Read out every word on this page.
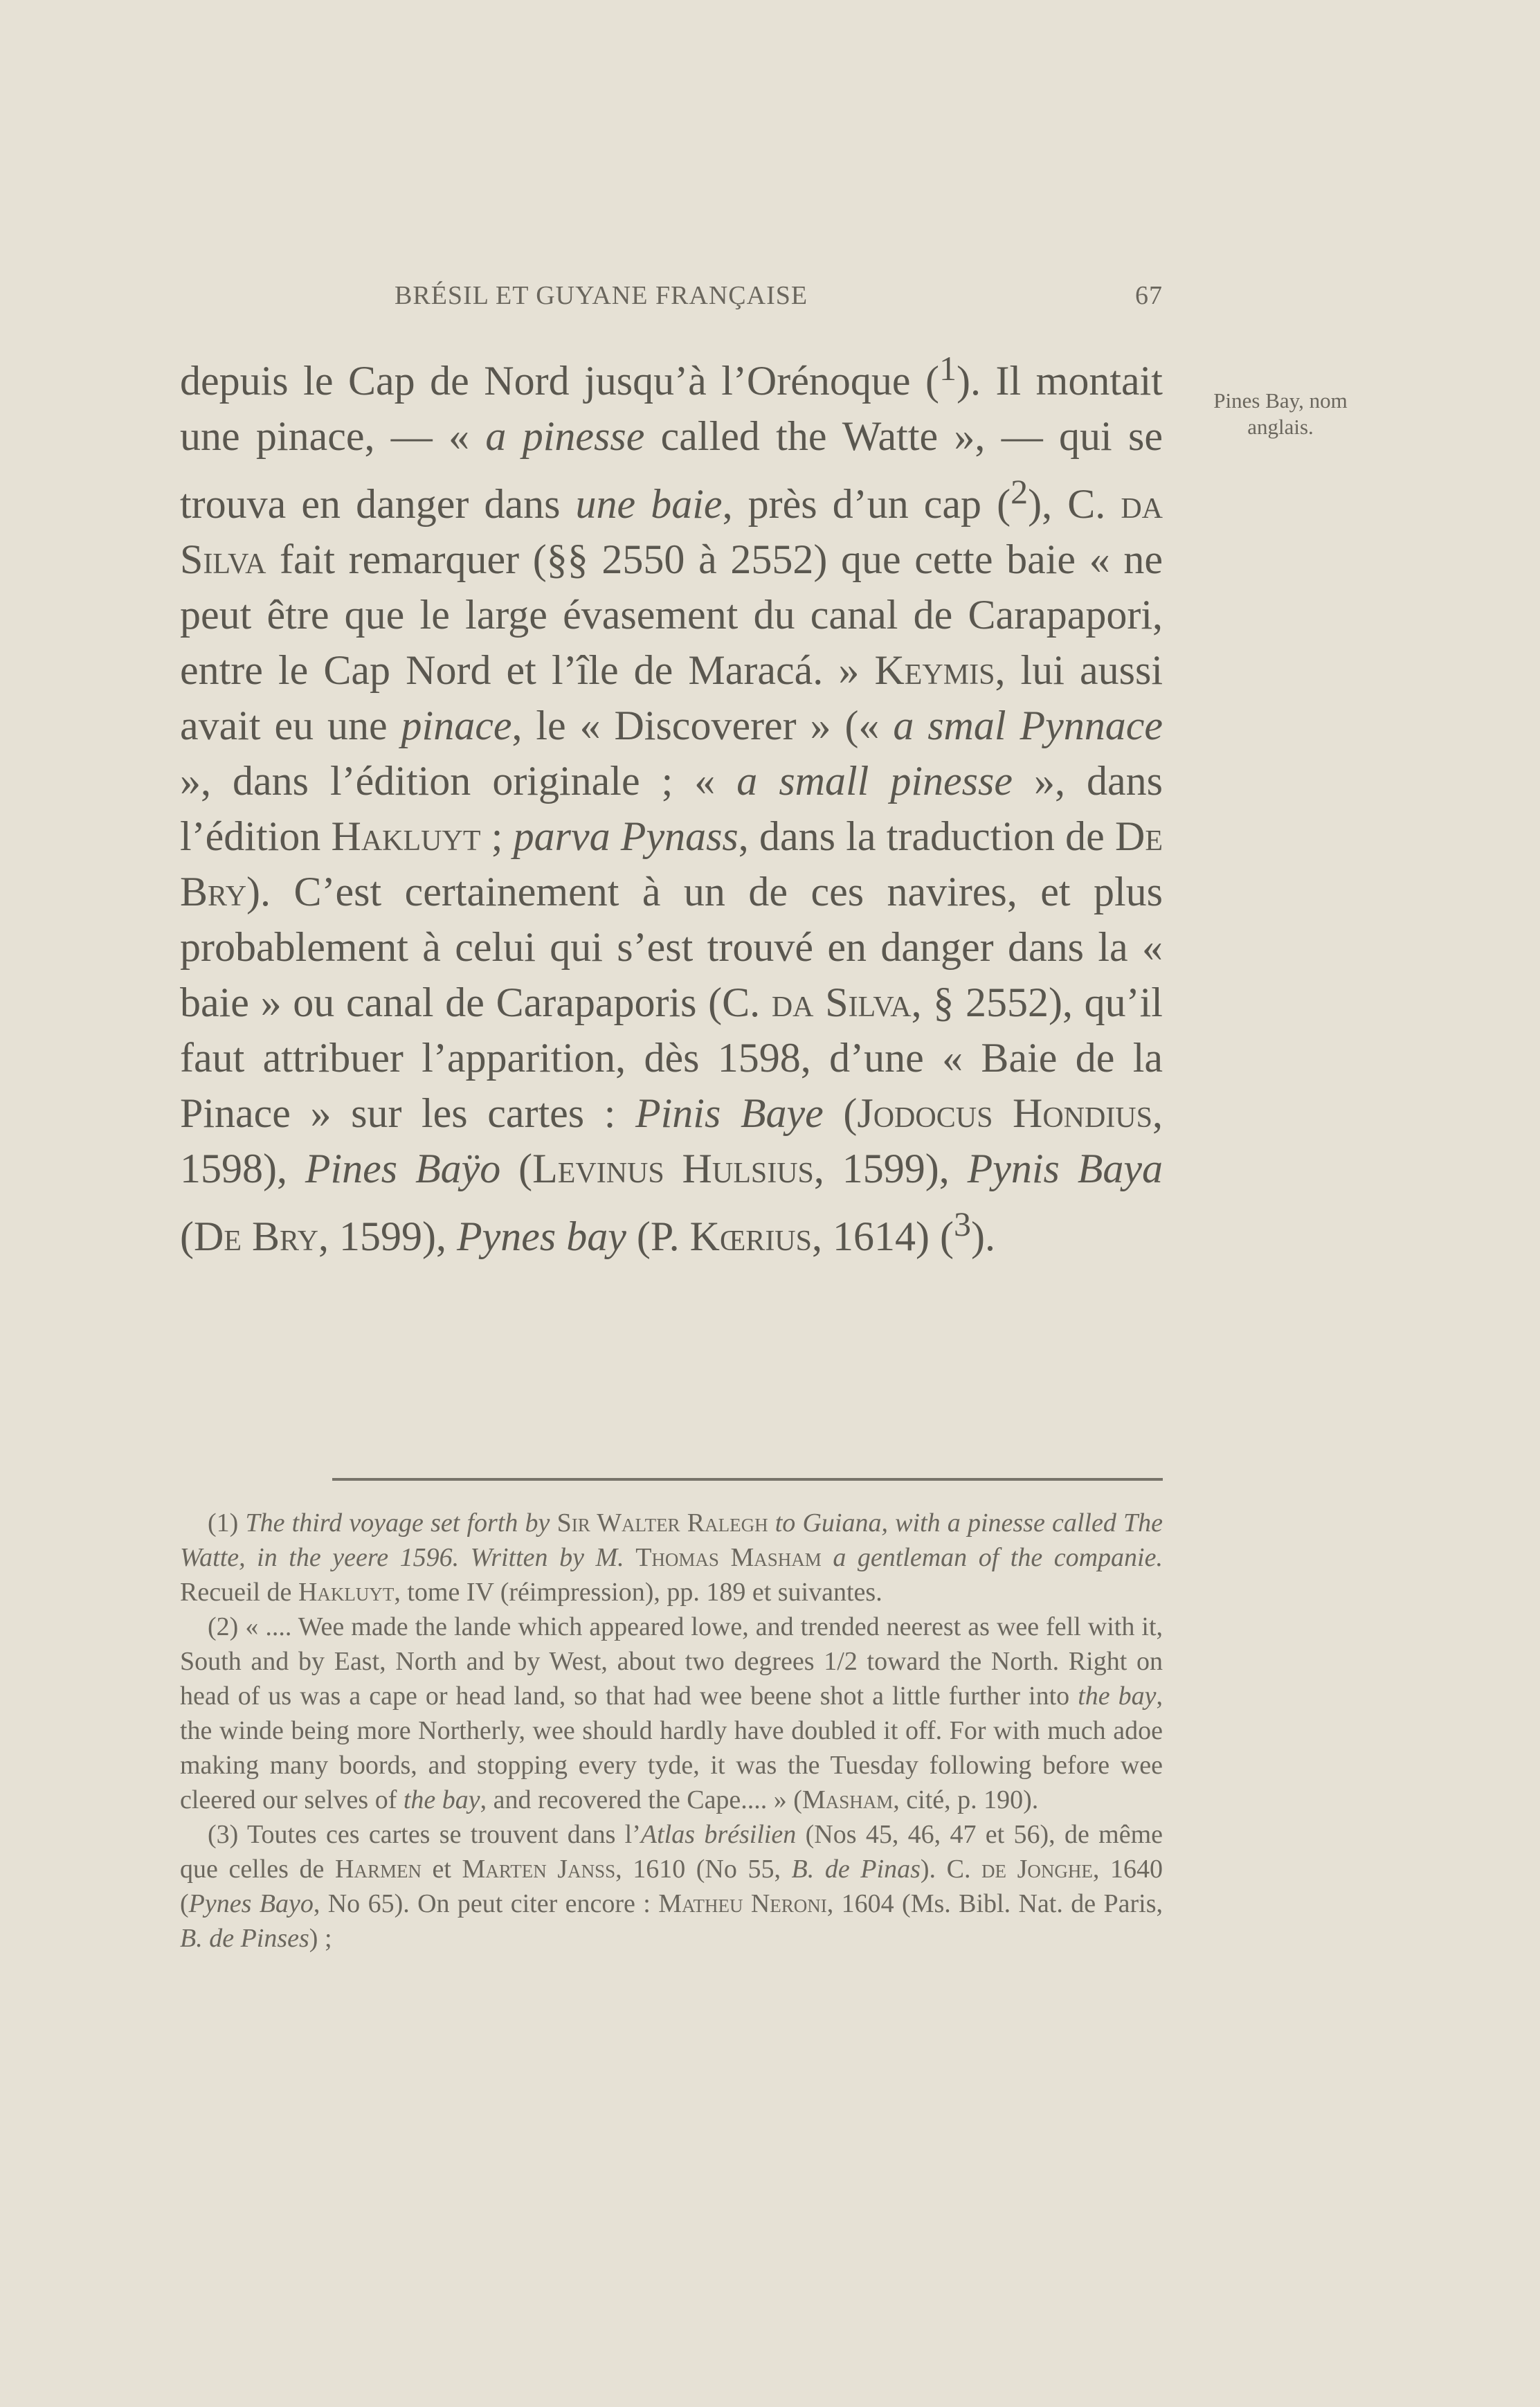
BRÉSIL ET GUYANE FRANÇAISE	67
Pines Bay, nom anglais.

depuis le Cap de Nord jusqu’à l’Orénoque ($^1$). Il montait une pinace, — « a pinesse called the Watte », — qui se trouva en danger dans une baie, près d’un cap ($^2$), C. da Silva fait remarquer (§§ 2550 à 2552) que cette baie « ne peut être que le large évasement du canal de Carapapori, entre le Cap Nord et l’île de Maracá. » Keymis, lui aussi avait eu une pinace, le « Discoverer » (« a smal Pynnace », dans l’édition originale ; « a small pinesse », dans l’édition Hakluyt ; parva Pynass, dans la traduction de De Bry). C’est certainement à un de ces navires, et plus probablement à celui qui s’est trouvé en danger dans la « baie » ou canal de Carapaporis (C. da Silva, § 2552), qu’il faut attribuer l’apparition, dès 1598, d’une « Baie de la Pinace » sur les cartes : Pinis Baye (Jodocus Hondius, 1598), Pines Baÿo (Levinus Hulsius, 1599), Pynis Baya (De Bry, 1599), Pynes bay (P. Kœrius, 1614) ($^3$).

(1) The third voyage set forth by Sir Walter Ralegh to Guiana, with a pinesse called The Watte, in the yeere 1596. Written by M. Thomas Masham a gentleman of the companie. Recueil de Hakluyt, tome IV (réimpression), pp. 189 et suivantes.

(2) « .... Wee made the lande which appeared lowe, and trended neerest as wee fell with it, South and by East, North and by West, about two degrees 1/2 toward the North. Right on head of us was a cape or head land, so that had wee beene shot a little further into the bay, the winde being more Northerly, wee should hardly have doubled it off. For with much adoe making many boords, and stopping every tyde, it was the Tuesday following before wee cleered our selves of the bay, and recovered the Cape.... » (Masham, cité, p. 190).

(3) Toutes ces cartes se trouvent dans l’Atlas brésilien (Nos 45, 46, 47 et 56), de même que celles de Harmen et Marten Janss, 1610 (No 55, B. de Pinas). C. de Jonghe, 1640 (Pynes Bayo, No 65). On peut citer encore : Matheu Neroni, 1604 (Ms. Bibl. Nat. de Paris, B. de Pinses) ;
